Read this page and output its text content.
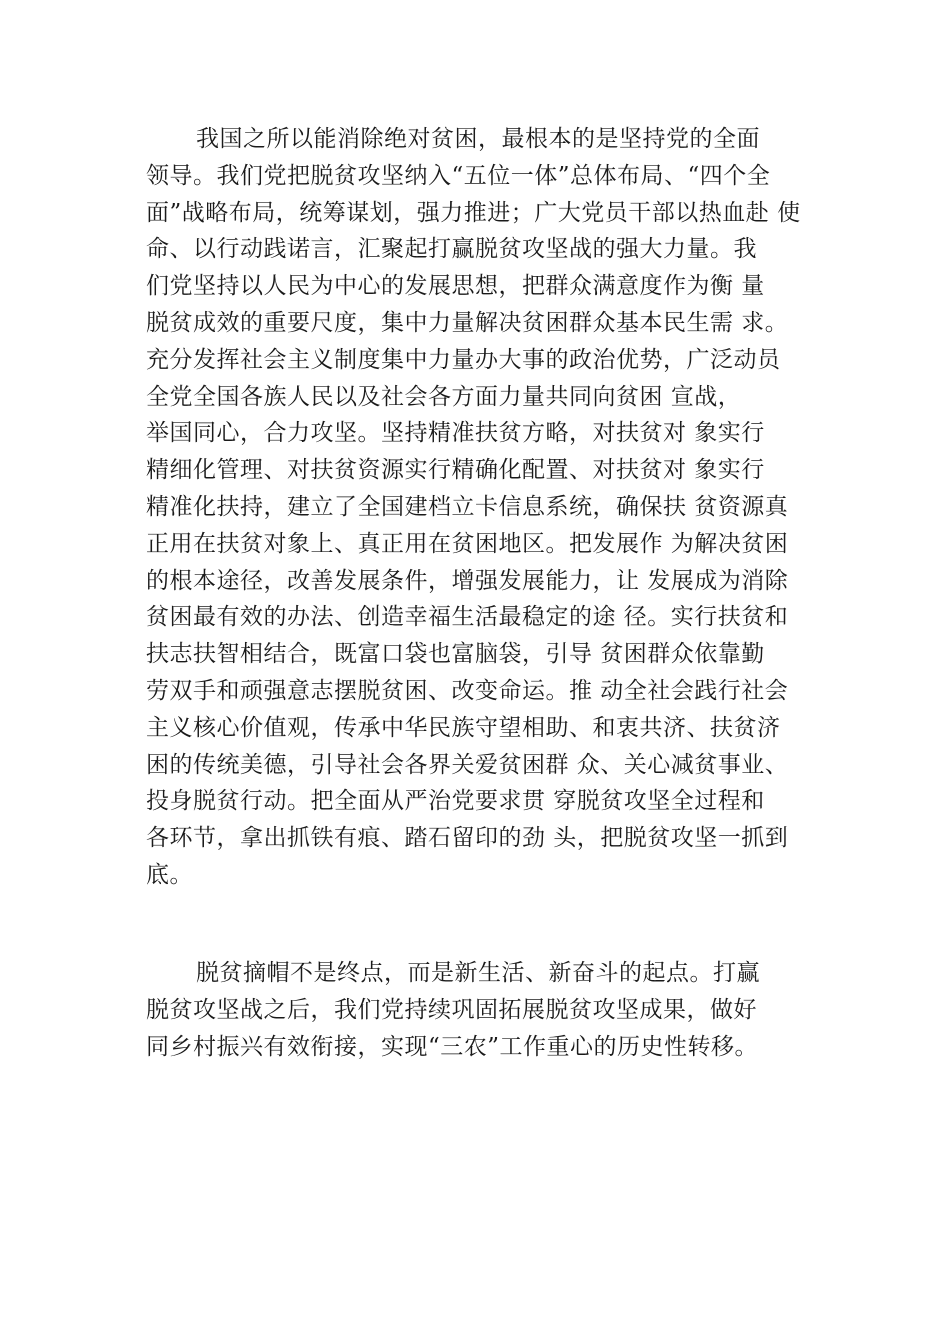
我国之所以能消除绝对贫困，最根本的是坚持党的全面
领导。我们党把脱贫攻坚纳入“五位一体”总体布局、“四个全
面”战略布局，统筹谋划，强力推进；广大党员干部以热血赴 使
命、以行动践诺言，汇聚起打赢脱贫攻坚战的强大力量。我
们党坚持以人民为中心的发展思想，把群众满意度作为衡 量
脱贫成效的重要尺度，集中力量解决贫困群众基本民生需 求。
充分发挥社会主义制度集中力量办大事的政治优势，广泛动员
全党全国各族人民以及社会各方面力量共同向贫困 宣战，
举国同心，合力攻坚。坚持精准扶贫方略，对扶贫对 象实行
精细化管理、对扶贫资源实行精确化配置、对扶贫对 象实行
精准化扶持，建立了全国建档立卡信息系统，确保扶 贫资源真
正用在扶贫对象上、真正用在贫困地区。把发展作 为解决贫困
的根本途径，改善发展条件，增强发展能力，让 发展成为消除
贫困最有效的办法、创造幸福生活最稳定的途 径。实行扶贫和
扶志扶智相结合，既富口袋也富脑袋，引导 贫困群众依靠勤
劳双手和顽强意志摆脱贫困、改变命运。推 动全社会践行社会
主义核心价值观，传承中华民族守望相助、和衷共济、扶贫济
困的传统美德，引导社会各界关爱贫困群 众、关心减贫事业、
投身脱贫行动。把全面从严治党要求贯 穿脱贫攻坚全过程和
各环节，拿出抓铁有痕、踏石留印的劲 头，把脱贫攻坚一抓到
底。
脱贫摘帽不是终点，而是新生活、新奋斗的起点。打赢
脱贫攻坚战之后，我们党持续巩固拓展脱贫攻坚成果，做好
同乡村振兴有效衔接，实现“三农”工作重心的历史性转移。
